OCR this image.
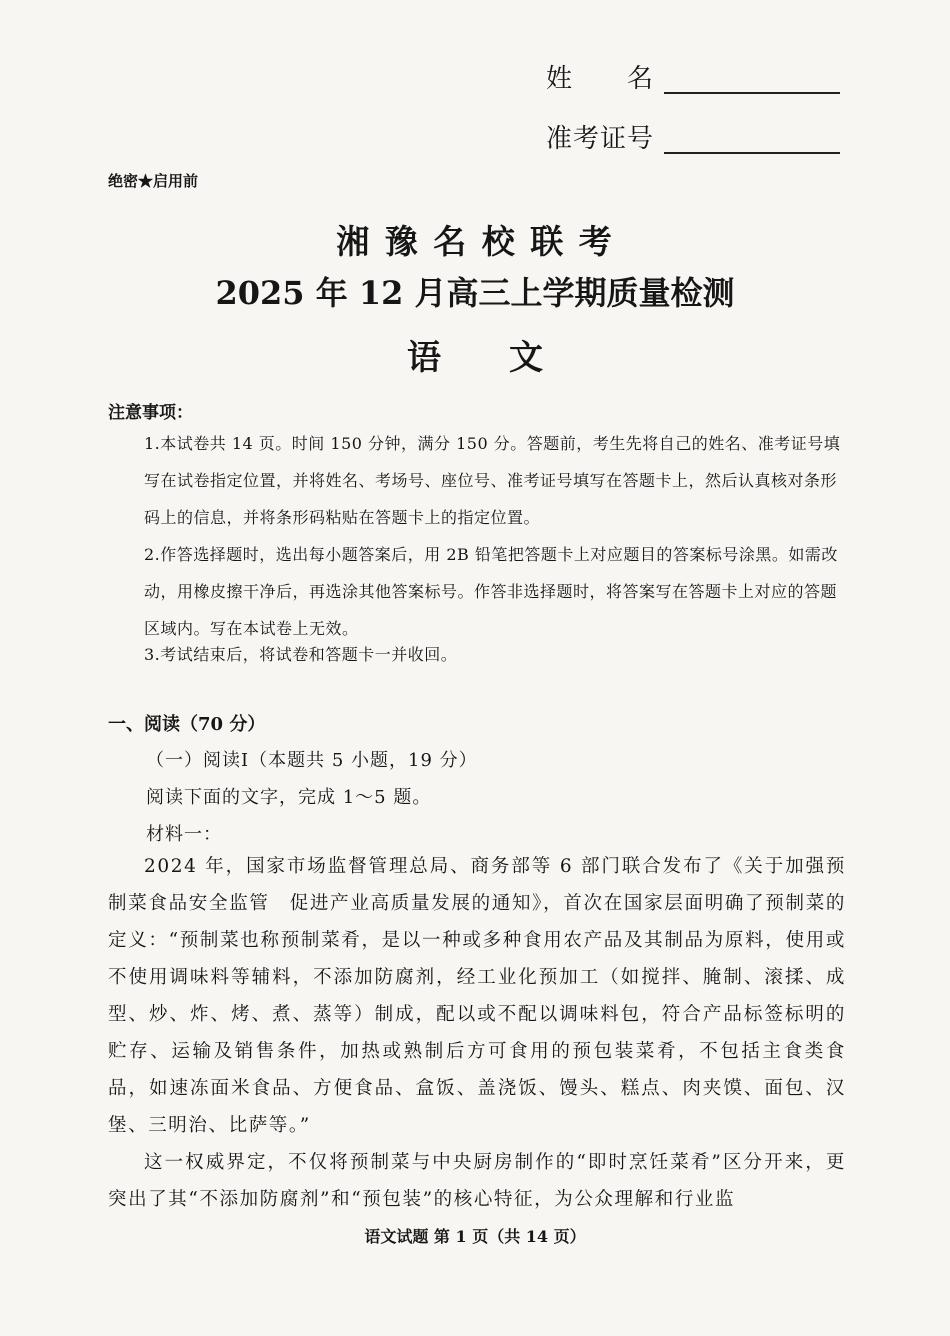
姓　　名
准考证号
绝密★启用前
湘 豫 名 校 联 考
2025 年 12 月高三上学期质量检测
语　　文
注意事项：
1.本试卷共 14 页。时间 150 分钟，满分 150 分。答题前，考生先将自己的姓名、准考证号填写在试卷指定位置，并将姓名、考场号、座位号、准考证号填写在答题卡上，然后认真核对条形码上的信息，并将条形码粘贴在答题卡上的指定位置。
2.作答选择题时，选出每小题答案后，用 2B 铅笔把答题卡上对应题目的答案标号涂黑。如需改动，用橡皮擦干净后，再选涂其他答案标号。作答非选择题时，将答案写在答题卡上对应的答题区域内。写在本试卷上无效。
3.考试结束后，将试卷和答题卡一并收回。
一、阅读（70 分）
（一）阅读Ⅰ（本题共 5 小题，19 分）
阅读下面的文字，完成 1～5 题。
材料一：
2024 年，国家市场监督管理总局、商务部等 6 部门联合发布了《关于加强预制菜食品安全监管　促进产业高质量发展的通知》，首次在国家层面明确了预制菜的定义：“预制菜也称预制菜肴，是以一种或多种食用农产品及其制品为原料，使用或不使用调味料等辅料，不添加防腐剂，经工业化预加工（如搅拌、腌制、滚揉、成型、炒、炸、烤、煮、蒸等）制成，配以或不配以调味料包，符合产品标签标明的贮存、运输及销售条件，加热或熟制后方可食用的预包装菜肴，不包括主食类食品，如速冻面米食品、方便食品、盒饭、盖浇饭、馒头、糕点、肉夹馍、面包、汉堡、三明治、比萨等。”
这一权威界定，不仅将预制菜与中央厨房制作的“即时烹饪菜肴”区分开来，更突出了其“不添加防腐剂”和“预包装”的核心特征，为公众理解和行业监
语文试题 第 1 页（共 14 页）
